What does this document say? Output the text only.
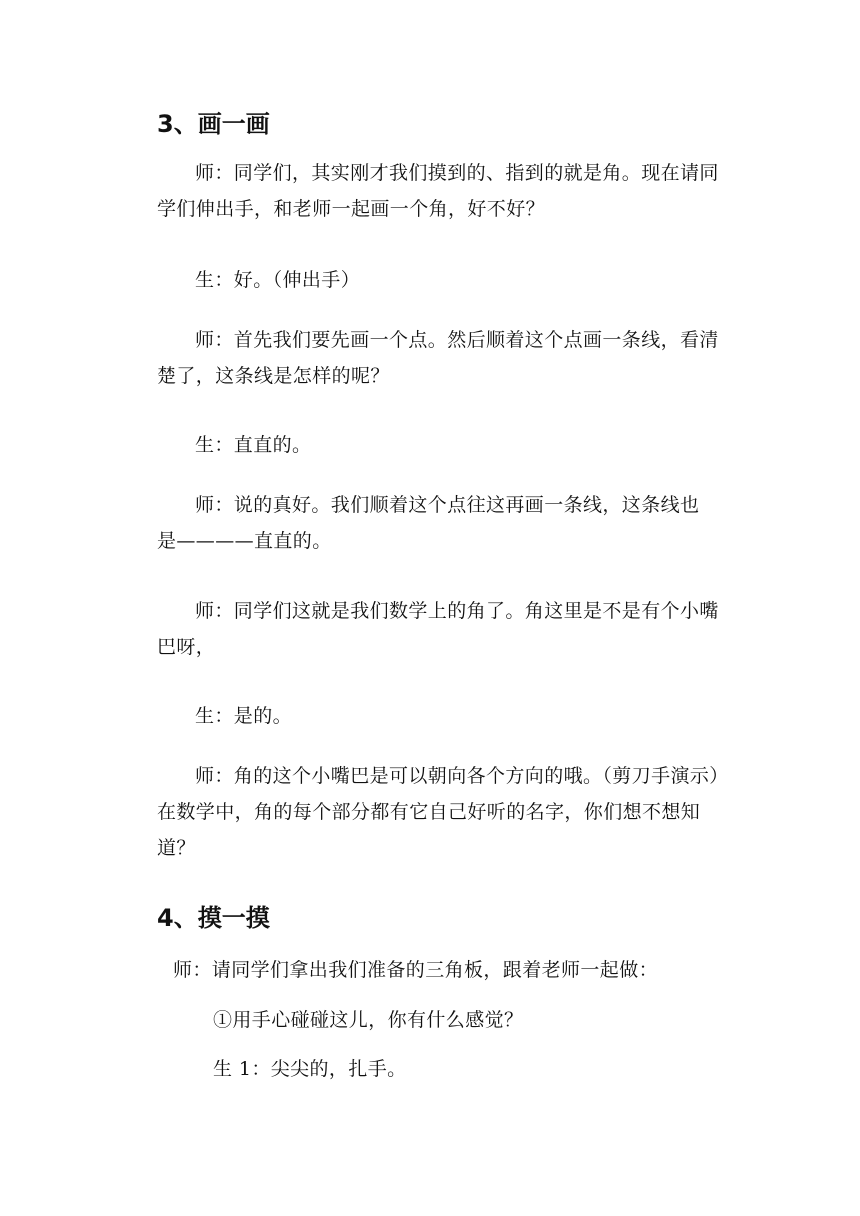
3、画一画
师：同学们，其实刚才我们摸到的、指到的就是角。现在请同
学们伸出手，和老师一起画一个角，好不好？
生：好。（伸出手）
师：首先我们要先画一个点。然后顺着这个点画一条线，看清
楚了，这条线是怎样的呢？
生：直直的。
师：说的真好。我们顺着这个点往这再画一条线，这条线也
是————直直的。
师：同学们这就是我们数学上的角了。角这里是不是有个小嘴
巴呀，
生：是的。
师：角的这个小嘴巴是可以朝向各个方向的哦。（剪刀手演示）
在数学中，角的每个部分都有它自己好听的名字，你们想不想知
道？
4、摸一摸
师：请同学们拿出我们准备的三角板，跟着老师一起做：
①用手心碰碰这儿，你有什么感觉？
生 1：尖尖的，扎手。
